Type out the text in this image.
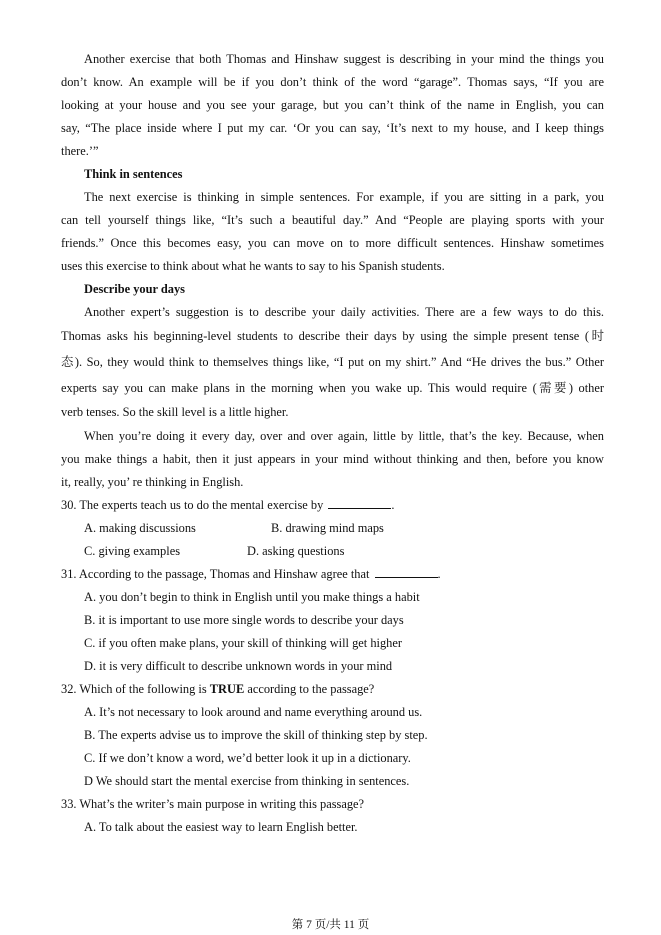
Another exercise that both Thomas and Hinshaw suggest is describing in your mind the things you
don’t know. An example will be if you don’t think of the word “garage”. Thomas says, “If you are
looking at your house and you see your garage, but you can’t think of the name in English, you can
say, “The place inside where I put my car. ‘Or you can say, ‘It’s next to my house, and I keep things
there.’”
Think in sentences
The next exercise is thinking in simple sentences. For example, if you are sitting in a park, you
can tell yourself things like, “It’s such a beautiful day.” And “People are playing sports with your
friends.” Once this becomes easy, you can move on to more difficult sentences. Hinshaw sometimes
uses this exercise to think about what he wants to say to his Spanish students.
Describe your days
Another expert’s suggestion is to describe your daily activities. There are a few ways to do this.
Thomas asks his beginning-level students to describe their days by using the simple present tense (时
态). So, they would think to themselves things like, “I put on my shirt.” And “He drives the bus.” Other
experts say you can make plans in the morning when you wake up. This would require (需要) other
verb tenses. So the skill level is a little higher.
When you’re doing it every day, over and over again, little by little, that’s the key. Because, when
you make things a habit, then it just appears in your mind without thinking and then, before you know
it, really, you’ re thinking in English.
30. The experts teach us to do the mental exercise by	.
A. making discussions	B. drawing mind maps
C. giving examples	D. asking questions
31. According to the passage, Thomas and Hinshaw agree that	.
A. you don’t begin to think in English until you make things a habit
B. it is important to use more single words to describe your days
C. if you often make plans, your skill of thinking will get higher
D. it is very difficult to describe unknown words in your mind
32. Which of the following is TRUE according to the passage?
A. It’s not necessary to look around and name everything around us.
B. The experts advise us to improve the skill of thinking step by step.
C. If we don’t know a word, we’d better look it up in a dictionary.
D We should start the mental exercise from thinking in sentences.
33. What’s the writer’s main purpose in writing this passage?
A. To talk about the easiest way to learn English better.
第 7 页/共 11 页
